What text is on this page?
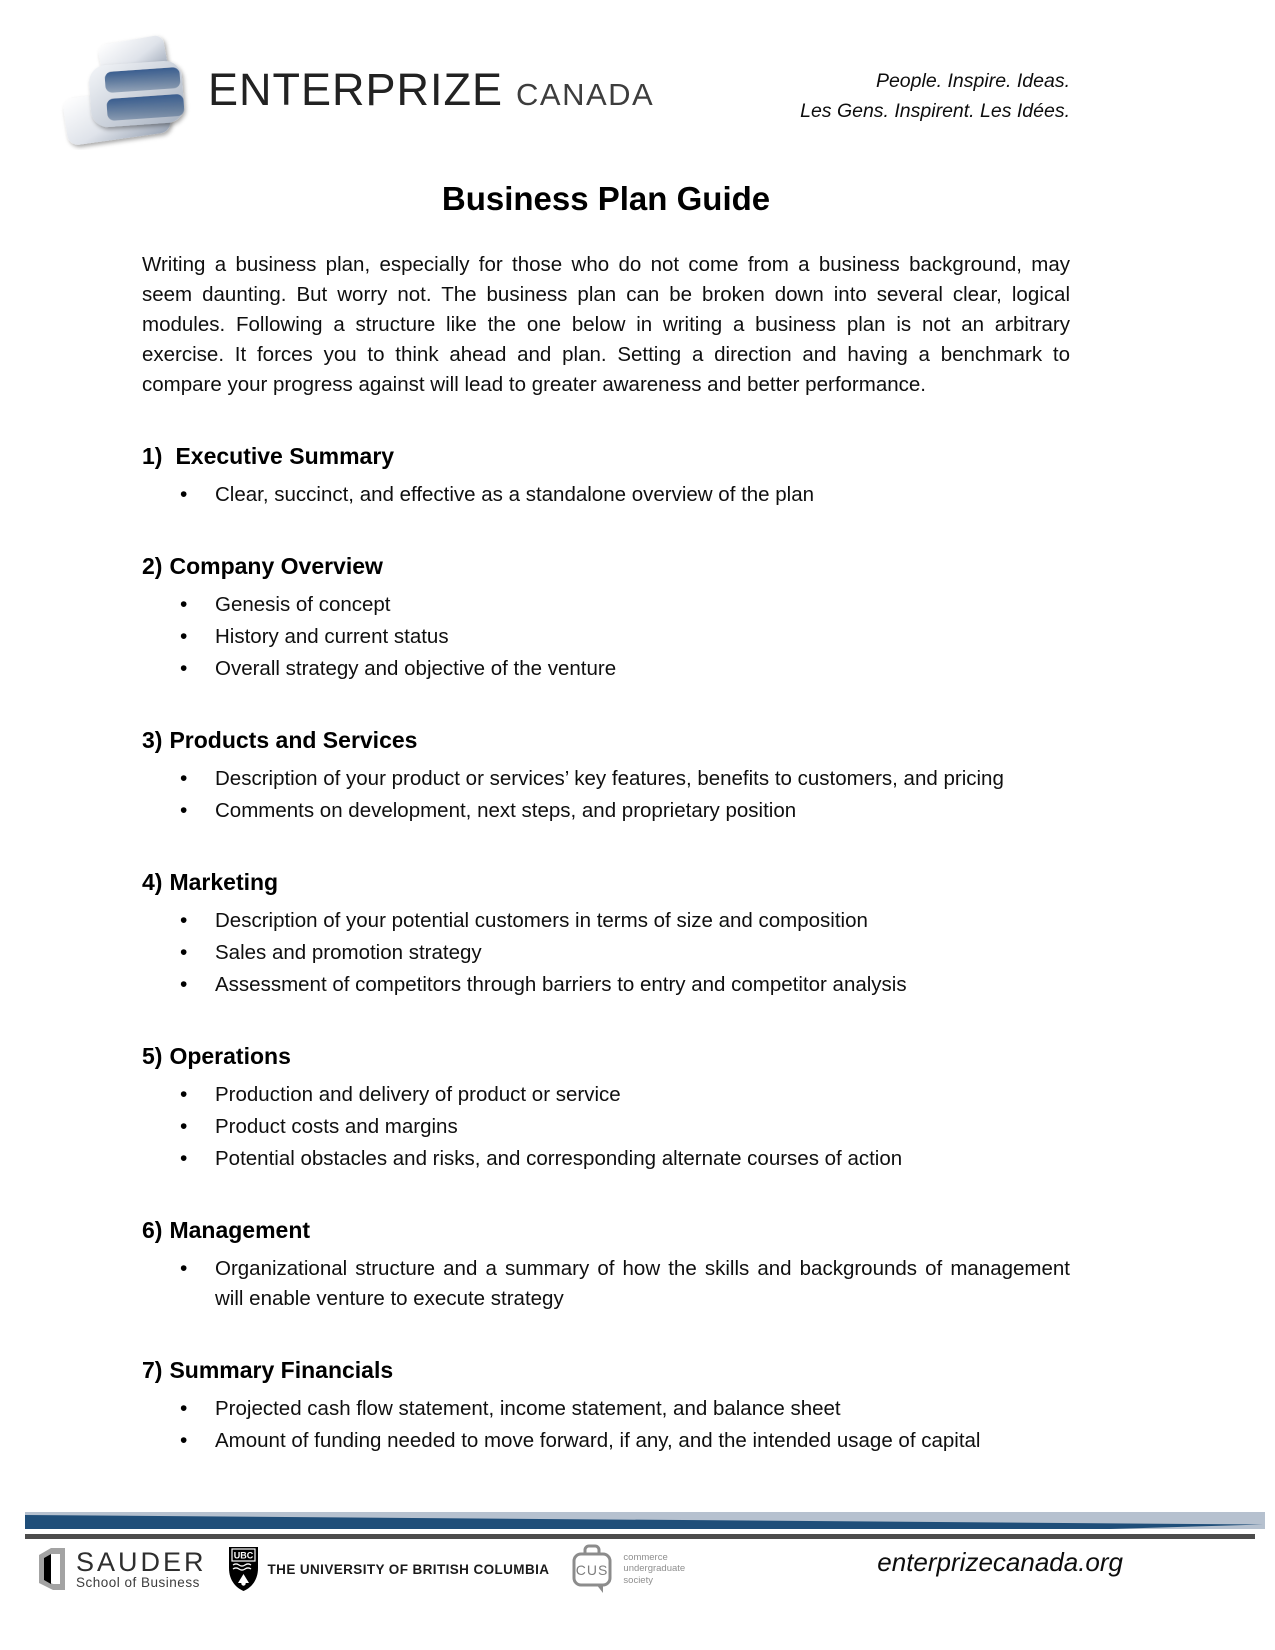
ENTERPRIZE CANADA	People. Inspire. Ideas.
Les Gens. Inspirent. Les Idées.
Business Plan Guide

Writing a business plan, especially for those who do not come from a business background, may seem daunting. But worry not. The business plan can be broken down into several clear, logical modules. Following a structure like the one below in writing a business plan is not an arbitrary exercise. It forces you to think ahead and plan. Setting a direction and having a benchmark to compare your progress against will lead to greater awareness and better performance.

1) Executive Summary
• Clear, succinct, and effective as a standalone overview of the plan
2) Company Overview
• Genesis of concept
• History and current status
• Overall strategy and objective of the venture
3) Products and Services
• Description of your product or services’ key features, benefits to customers, and pricing
• Comments on development, next steps, and proprietary position
4) Marketing
• Description of your potential customers in terms of size and composition
• Sales and promotion strategy
• Assessment of competitors through barriers to entry and competitor analysis
5) Operations
• Production and delivery of product or service
• Product costs and margins
• Potential obstacles and risks, and corresponding alternate courses of action
6) Management
• Organizational structure and a summary of how the skills and backgrounds of management will enable venture to execute strategy
7) Summary Financials
• Projected cash flow statement, income statement, and balance sheet
• Amount of funding needed to move forward, if any, and the intended usage of capital
SAUDER
School of Business
UBC
THE UNIVERSITY OF BRITISH COLUMBIA CUS
commerce
undergraduate
society
enterprizecanada.org
